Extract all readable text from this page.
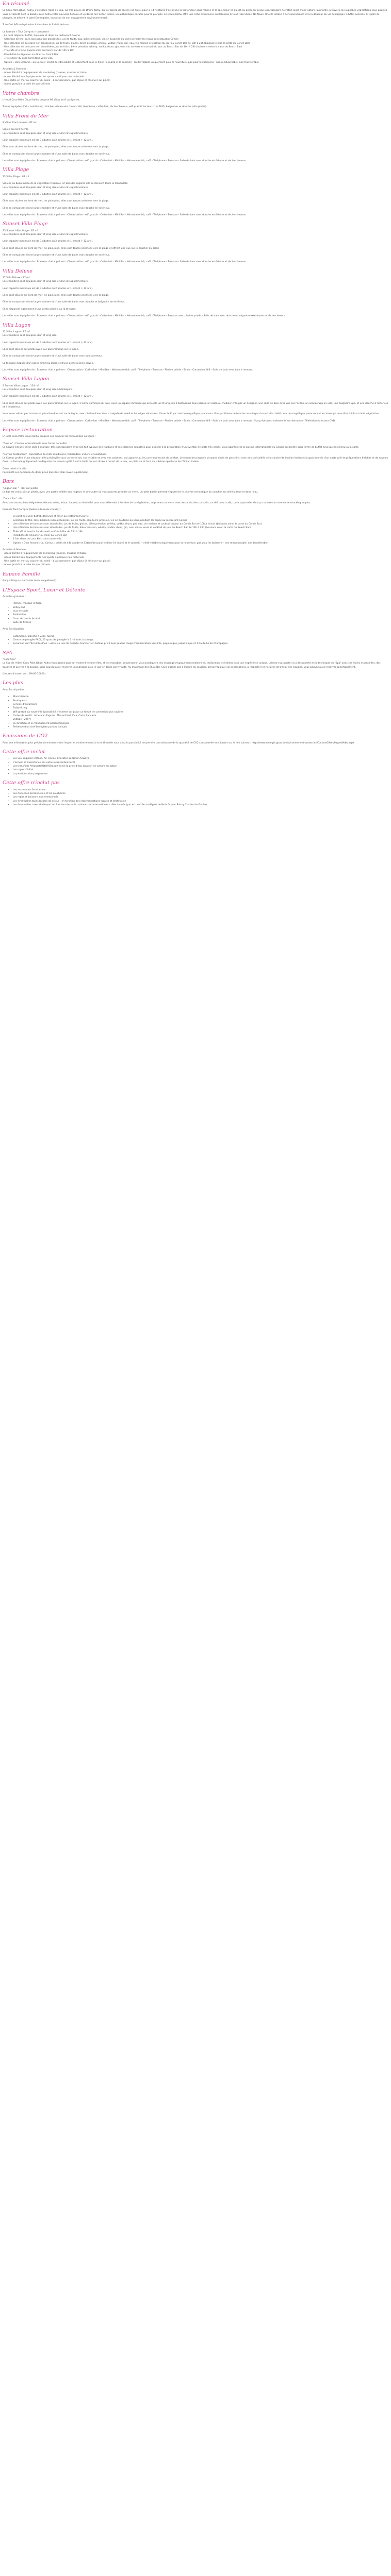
En résumé

Le Coco Palm Dhuni Kolhu, c'est dans l'atoll de Baa, sur l'île privée de Dhuni Kolhu, qui se tapera de plus le nid duirei pour si 14 hectares d'île privée la profondeur sous-marine et la splendeur ce qui dit où gérer en la plus spectaculaire de l'atoll. Doté d'une nature luxuriante, à travers ses superbes végétations vous pourrez vivre à volonté l'été la balade avec Kolhu votre nouvelle histoire et un décor de l'océan Indien, un authentique paradis pour la plongée. Le Dhuni Kolhu offre une riche expérience au Robinson Crusoé : No Shoes, No News. Une île dédiée à l'environnement et à la douceur de vie écologique. L'hôtel possède 27 spots de plongée, et détient le label Greenglobe, en raison de son engagement environnemental.

Transfert A/R en hydravion inclus dans le forfait de base.

Le formule « Tout Compris » comprend :

- Le petit déjeuner buffet, déjeuner et dîner au restaurant Cowrie

- Sélection de thé, café, boissons non alcoolisées, jus de fruits, eau, bière pression, vin en bouteille au verre pendant les repas au restaurant Cowrie

- Une sélection de boissons non alcoolisées, jus de fruits, glaces, bière pression, whisky, vodka, rhum, gin, eau, vin maison et cocktail du jour au Conch Bar de 10h à 23h (boissons selon la carte du Conch Bar)

- Une sélection de boissons non alcoolisées, jus de fruits, bière pression, whisky, vodka, rhum, gin, eau, vin au verre et cocktail du jour au Beach Bar de 10h à 23h (boissons selon la carte du Beach Bar)

- Thé/café et snacks l'après-midi au Conch Bar de 15h à 18h

- Possibilité de déjeuner ou dîner au Conch Bar

- 1 fois diner du coco Kerd dans votre villa

- Option « Dine Around » au Cornus : crédit de 44$ adulte et 33$/enfant pour le dîner (le mardi et le samedi) - crédit valable uniquement pour le nourriture, pas pour les boissons - non remboursable, non transférable

Activités & Services :

- Accès illimité à l'équipement de snorkeling (palmes, masque et tuba)

- Accès illimité aux équipements des sports nautiques non motorisés

- Une sortie en mer au coucher du soleil - 1 par personne, par séjour (à réserver sur place)

- Accès gratuit à la salle de sport/fitness

Votre chambre

L'Hôtel Coco Palm Dhuni Kolhu propose 98 Villas en 6 catégories.

Toutes équipées d'air conditionné, mini-bar, nécessaire thé et café, téléphone, coffre-fort, sèche-cheveux, wifi gratuit, lecteur cd et DVD, baignoires et douche (villa pilotis).

Villa Front de Mer

8 Villas Front de mer - 87 m²

Située au nord de l'île

Les chambres sont équipées d'un lit king size et d'un lit supplémentaire.

Leur capacité maximale est de 3 adultes ou 2 adultes et 1 enfant (- 12 ans).

Elles sont situées en front de mer, de plain-pied, elles sont toutes orientées vers la plage.

Elles se composent d'une large chambre et d'une salle de bains avec douche en extérieur.

Les villas sont équipées de : Brasseur d'air 4 palmes - Climatisation - wifi gratuit - Coffre-fort - Mini Bar - Nécessaire thé, café - Téléphone - Terrasse - Salle de bain avec douche extérieure et sèche-cheveux.

Villa Plage

23 Villas Plage - 87 m²

Situées au beau milieu de la végétation tropicale, à l'abri des regards elle se donnent toute la tranquillité

Les chambres sont équipées d'un lit king size et d'un lit supplémentaire.

Leur capacité maximale est de 3 adultes ou 2 adultes et 1 enfant (- 12 ans).

Elles sont situées en front de mer, de plain-pied, elles sont toutes orientées vers la plage.

Elles se composent d'une large chambre et d'une salle de bains avec douche en extérieur.

Les villas sont équipées de : Brasseur d'air 4 palmes - Climatisation - wifi gratuit - Coffre-fort - Mini Bar - Nécessaire thé, café - Téléphone - Terrasse - Salle de bain avec douche extérieure et sèche-cheveux.

Sunset Villa Plage

25 Sunset Villas Plage - 87 m²

Les chambres sont équipées d'un lit king size et d'un lit supplémentaire.

Leur capacité maximale est de 3 adultes ou 2 adultes et 1 enfant (- 12 ans).

Elles sont situées en front de mer, de plain-pied, elles sont toutes orientées vers la plage et offrent une vue sur le coucher du soleil.

Elles se composent d'une large chambre et d'une salle de bains avec douche en extérieur.

Les villas sont équipées de : Brasseur d'air 4 palmes - Climatisation - wifi gratuit - Coffre-fort - Mini Bar - Nécessaire thé, café - Téléphone - Terrasse - Salle de bain avec douche extérieure et sèche-cheveux.

Villa Deluxe

27 Villa Deluxe - 87 m²

Les chambres sont équipées d'un lit king size et d'un lit supplémentaire.

Leur capacité maximale est de 3 adultes ou 2 adultes et 1 enfant (- 12 ans).

Elles sont situées en front de mer, de plain-pied, elles sont toutes orientées vers la plage.

Elles se composent d'une large chambre et d'une salle de bains avec douche et baignoire en extérieur.

Elles disposent également d'une petite piscine sur la terrasse.

Les villas sont équipées de : Brasseur d'air 4 palmes - Climatisation - wifi gratuit - Coffre-fort - Mini Bar - Nécessaire thé, café - Téléphone - Terrasse avec piscine privée - Salle de bain avec douche et baignoire extérieures et sèche-cheveux.

Villa Lagon

12 Villas Lagon - 87 m²

Les chambres sont équipées d'un lit king size.

Leur capacité maximale est de 3 adultes ou 2 adultes et 1 enfant (- 12 ans).

Elles sont situées sur pilotis avec vue panoramique sur le lagon.

Elles se composent d'une large chambre et d'une salle de bains avec bain à remous.

La terrasse dispose d'un accès direct au lagon et d'une petite piscine privée.

Les villas sont équipées de : Brasseur d'air 4 palmes - Climatisation - Coffre-fort - Mini Bar - Nécessaire thé, café - Téléphone - Terrasse - Piscine privée - Salon - Connexion Wifi - Salle de bain avec bain à remous.

Sunset Villa Lagon

2 Sunset Villas Lagon - 154 m²

Les chambres sont équipées d'un lit king size à baldaquins.

Leur capacité maximale est de 3 adultes ou 2 adultes et 1 enfant (- 12 ans).

Elles sont situées sur pilotis avec vue panoramique sur le lagon. C'est le summum du luxe, avec un espace immense qui accueille un lit king size à baldaquins deux places, un salon au mobilier créé par un designer, une salle de bain avec vue sur l'océan, un service Spa en villa, une baignoire Spa, et une douche à l'intérieur et à l'extérieur.

Vous serez séduit par la terrasse privative donnant sur le lagon, avec piscine d'eau douce baignée de soleil et les véges séculaires. Vivrez le Kriya n'est le magnifique panorama. Vous profiterez de tous les avantages du seul villa. Idéal pour un magnifique panorama et le calme qui vous êtes à l'écart de la végétation.

Les villas sont équipées de : Brasseur d'air 4 palmes - Climatisation - Coffre-fort - Mini Bar - Nécessaire thé, café - Téléphone - Terrasse - Piscine privée - Salon - Connexion Wifi - Salle de bain avec bain à remous - Spa privé avec traitements sur demande - Télévision et lecteur DVD.

Espace restauration

L'Hôtel Coco Palm Dhuni Kolhu propose ses espaces de restauration suivants :

"Cowrie" - Cuisine internationale sous forme de buffet

Le Cowrie est une vaste salle à manger, très spectaculaire avec son toit typique des Maldives et ses colonnes sculptées pour assister à la préparation d'un éventail de plats très variés. Vous apprécierez la cuisine internationale du Cowrie présentée sous forme de buffet ainsi que les menus à la carte.

"Cornus Restaurant" - Spécialités de mets maldiviens, thaïlandais, indiens et asiatiques.

Le Cornus profite d'une situation très privilégiée sous un vaste toit, sur le sable et avec des colonnes, qui apporte au lieu une impression de confort. Le restaurant propose un grand choix de plats fins, avec des spécialités de la cuisine de l'océan Indien et la gastronomie d'un vaste grill de préparations fraîches et de saveurs fines. La formule grill permet de déguster du poisson grillé à votre table qui est située à l'écart de la mer, un plein air et face au sublime spectacle de l'Océan Indien.

Diner privé à la villa

Possibilité sur demande de dîner privé dans les villas (avec supplément).

Bars

"Lagoon Bar " - Bar sur pilotis

Le bar est construit sur pilotis, avec une partie dédiée aux nageurs et une autre où vous pourrez prendre un verre. Un petit bassin permet d'apprécier le charme romantique du coucher du soleil à deux et dans l'eau.

"Conch Bar" - Bar

Avec une atmosphère élégante et décontractée, le bar, l'accès, un lieu idéal pour vous détendre à l'ombre de la végétation, en prenant un verre avec des amis, des cocktails, un thé ou un café, toute la journée. Vous y trouverez un service de snacking en plus.

Formule Tout Compris (Selon la formule choisie) :

• Le petit déjeuner buffet, déjeuner et dîner au restaurant Cowrie
• Sélection de thé, café, boissons non alcoolisées, jus de fruits, eau, bière pression, vin en bouteille au verre pendant les repas au restaurant Cowrie
• Une sélection de boissons non alcoolisées, jus de fruits, glaces, bière pression, whisky, vodka, rhum, gin, eau, vin maison et cocktail du jour au Conch Bar de 10h à minuit (boissons selon la carte du Conch Bar)
• Une sélection de boissons non alcoolisées, jus de fruits, bière pression, whisky, vodka, rhum, gin, eau, vin au verre et cocktail du jour au Beach Bar de 10h à 23h (boissons selon la carte du Beach Bar)
• Thé/café et snacks l'après-midi au Conch Bar de 15h à 18h
• Possibilité de déjeuner ou dîner au Conch Bar
• 1 fois diner du coco Kerd dans votre villa
• Option « Dine Around » au Cornus : crédit de 44$ adulte et 33$/enfant pour le dîner (le mardi et le samedi) - crédit valable uniquement pour la nourriture, pas pour les boissons - non remboursable, non transférable

Activités & Services :

- Accès illimité à l'équipement de snorkeling (palmes, masque et tuba)

- Accès illimité aux équipements des sports nautiques non motorisés

- Une sortie en mer au coucher du soleil - 1 par personne, par séjour (à réserver sur place)

- Accès gratuit à la salle de sport/fitness

Espace Famille

Baby sitting sur demande (avec supplément).

L'Espace Sport, Loisir et Détente

Activités gratuites :

• Palmes, masque et tuba
• Volley ball
• Jeux de table
• Badminton
• Court de tennis éclairé
• Salle de fitness

Avec Participation :

• Catamaran, planche à voile, Kayak
• Centre de plongée PADI, 27 spots de plongée à 5 minutes à la nage.
• Excursion sur l'île Embudhoo : visite sur une île déserte, transfert en bateau privé avec plaque rouge d'embarcation vers l'île, pique-nique, pique-nique et 1 bouteille de champagne.
SPA

"Coco Spa"

Le Spa de l'hôtel Coco Palm Dhuni Kolhu vous attend pour un moment de bien-être, et de relaxation. Le personnel vous prodiguera des massages typiquement maldiviens, thaïlandais, et indiens pour une expérience unique. Laissez-vous porter à la découverte de la technique du "Spa" avec ses huiles essentielles, des baumes et pierres à la bougie. Vous pouvez aussi réserver un massage pour le jour en toute convivialité. Au maximum des 8h à 21h. Sans oublier pas à l'heure du coucher, préservez pour vos réservations, à respecter les horaires de travail des équipes, vous pouvez aussi réserver spécifiquement.

(Heures d'ouverture : 09h00-20h00)

Les plus

Avec Participation :

• Blanchisserie
• Boutique(s)
• Service d'excursions
• Baby-sitting
• Wifi gratuit sur toute l'île (possibilité d'acheter sur place un forfait de connexion plus rapide)
• Cartes de crédit : American Express, MasterCard, Visa, Carte Bancaire
• Voltage : 220 V
• La direction et le management parlent français
• Présence d'un chef biologiste parlant français
Emissions de CO2

Pour une information plus précise concernant votre impact et conformément à la loi Grenelle vous avez la possibilité de prendre connaissance de la quantité de CO2 consommée en cliquant sur le lien suivant : http://www.ecologie.gouv.fr/-environnement-protection/CarbonOffset/PagesWebb.aspx

Cette offre inclut
• Les vols réguliers Alitalia, Air France, Emirates ou Qatar Airways
• L'accueil et l'assistance par notre représentant local
• Les transferts Aéroport/Hôtel/Aéroport selon la prise d'eau location de voiture en option
• Les repas d'hôtel
• La pension selon programme
Cette offre n'inclut pas
• Les assurances facultatives
• Les dépenses personnelles et les pourboires
• Les repas et boissons non mentionnés
• Les éventuelles taxes locales de séjour - en fonction des réglementations locales et destination
• Les éventuelles taxes d'aéroport en fonction des vols nationaux et internationaux sélectionnés (par ex : entrée au départ de Paris Orly et Roissy Charles de Gaulle)
